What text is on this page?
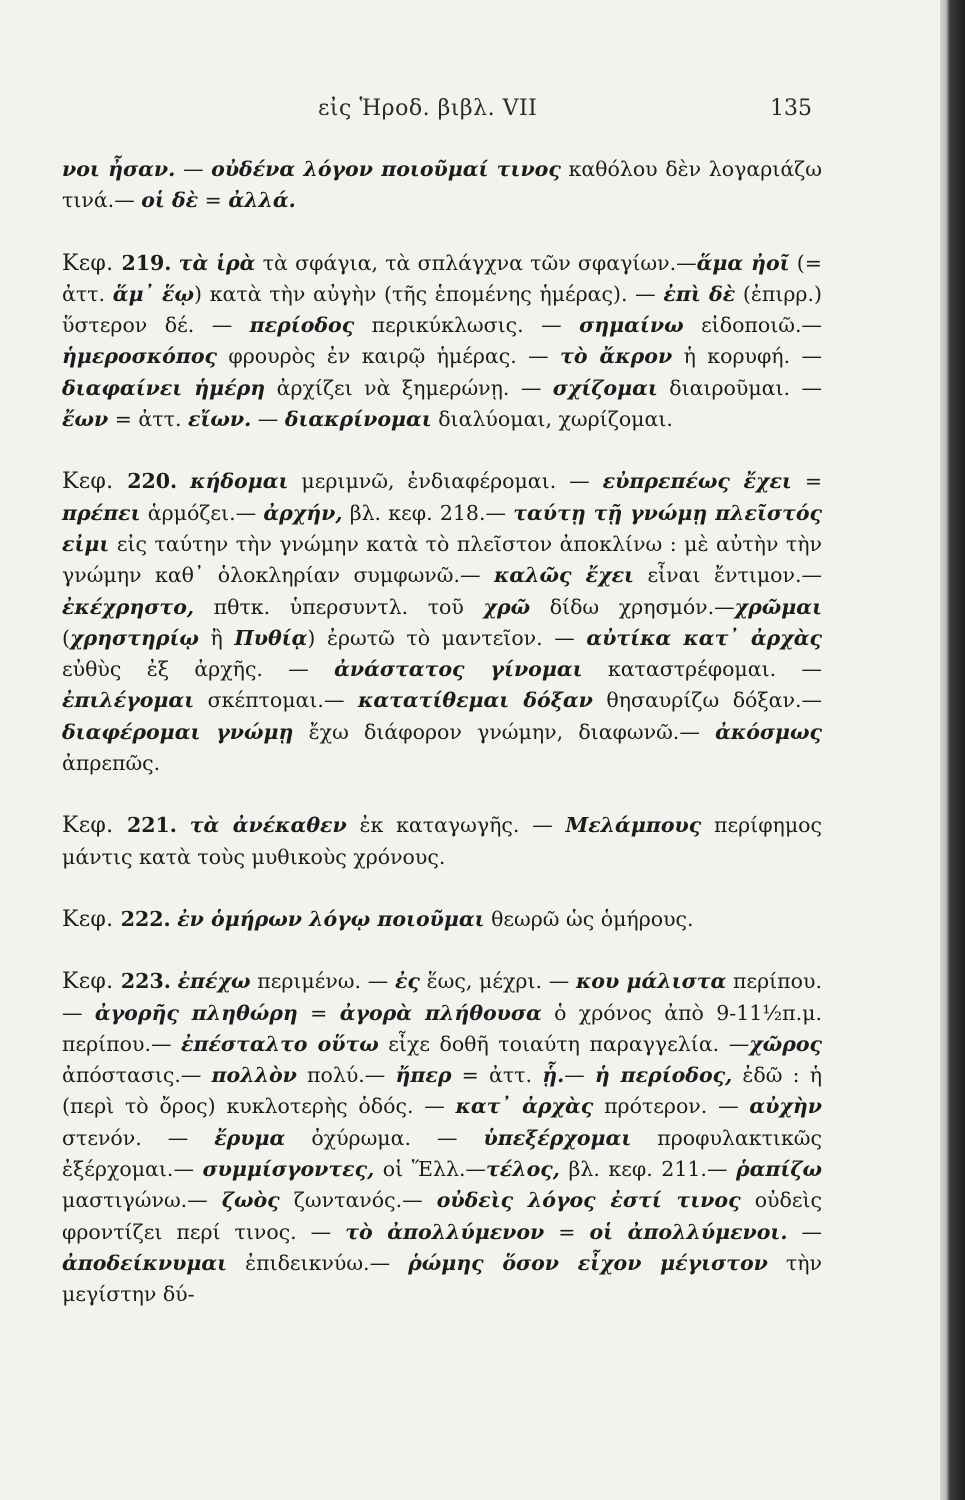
εἰς Ἡροδ. βιβλ. VII	135

νοι ἦσαν. — οὐδένα λόγον ποιοῦμαί τινος καθόλου δὲν λογαριάζω τινά.— οἱ δὲ = ἀλλά.

Κεφ. 219. τὰ ἱρὰ τὰ σφάγια, τὰ σπλάγχνα τῶν σφαγίων.—ἅμα ἠοῖ (= ἀττ. ἅμ᾽ ἕῳ) κατὰ τὴν αὐγὴν (τῆς ἑπομένης ἡμέρας). — ἐπὶ δὲ (ἐπιρρ.) ὕστερον δέ. — περίοδος περικύκλωσις. — σημαίνω εἰδοποιῶ.— ἡμεροσκόπος φρουρὸς ἐν καιρῷ ἡμέρας. — τὸ ἄκρον ἡ κορυφή. — διαφαίνει ἡμέρη ἀρχίζει νὰ ξημερώνῃ. — σχίζομαι διαιροῦμαι. — ἔων = ἀττ. εἴων. — διακρίνομαι διαλύομαι, χωρίζομαι.

Κεφ. 220. κήδομαι μεριμνῶ, ἐνδιαφέρομαι. — εὐπρεπέως ἔχει = πρέπει ἁρμόζει.— ἀρχήν, βλ. κεφ. 218.— ταύτῃ τῇ γνώμῃ πλεῖστός εἰμι εἰς ταύτην τὴν γνώμην κατὰ τὸ πλεῖστον ἀποκλίνω : μὲ αὐτὴν τὴν γνώμην καθ᾽ ὁλοκληρίαν συμφωνῶ.— καλῶς ἔχει εἶναι ἔντιμον.— ἐκέχρηστο, πθτκ. ὑπερσυντλ. τοῦ χρῶ δίδω χρησμόν.—χρῶμαι (χρηστηρίῳ ἢ Πυθίᾳ) ἐρωτῶ τὸ μαντεῖον. — αὐτίκα κατ᾽ ἀρχὰς εὐθὺς ἐξ ἀρχῆς. — ἀνάστατος γίνομαι καταστρέφομαι. — ἐπιλέγομαι σκέπτομαι.— κατατίθεμαι δόξαν θησαυρίζω δόξαν.— διαφέρομαι γνώμῃ ἔχω διάφορον γνώμην, διαφωνῶ.— ἀκόσμως ἀπρεπῶς.

Κεφ. 221. τὰ ἀνέκαθεν ἐκ καταγωγῆς. — Μελάμπους περίφημος μάντις κατὰ τοὺς μυθικοὺς χρόνους.

Κεφ. 222. ἐν ὁμήρων λόγῳ ποιοῦμαι θεωρῶ ὡς ὁμήρους.

Κεφ. 223. ἐπέχω περιμένω. — ἐς ἕως, μέχρι. — κου μάλιστα περίπου. — ἀγορῆς πληθώρη = ἀγορὰ πλήθουσα ὁ χρόνος ἀπὸ 9-11½π.μ. περίπου.— ἐπέσταλτο οὕτω εἶχε δοθῆ τοιαύτη παραγγελία. —χῶρος ἀπόστασις.— πολλὸν πολύ.— ἤπερ = ἀττ. ᾗ.— ἡ περίοδος, ἐδῶ : ἡ (περὶ τὸ ὄρος) κυκλοτερὴς ὁδός. — κατ᾽ ἀρχὰς πρότερον. — αὐχὴν στενόν. — ἔρυμα ὀχύρωμα. — ὑπεξέρχομαι προφυλακτικῶς ἐξέρχομαι.— συμμίσγοντες, οἱ Ἕλλ.—τέλος, βλ. κεφ. 211.— ῥαπίζω μαστιγώνω.— ζωὸς ζωντανός.— οὐδεὶς λόγος ἐστί τινος οὐδεὶς φροντίζει περί τινος. — τὸ ἀπολλύμενον = οἱ ἀπολλύμενοι. — ἀποδείκνυμαι ἐπιδεικνύω.— ῥώμης ὅσον εἶχον μέγιστον τὴν μεγίστην δύ-
